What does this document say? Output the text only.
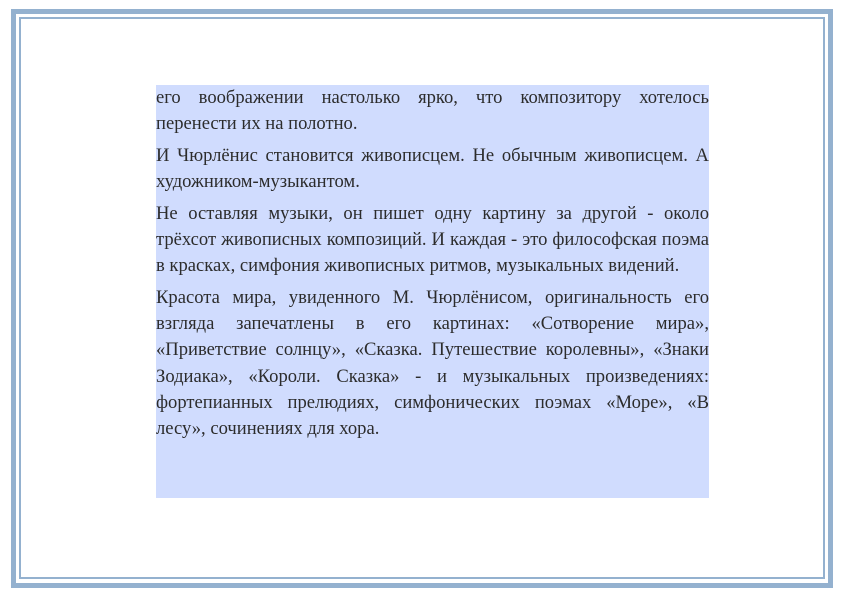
его воображении настолько ярко, что композитору хотелось перенести их на полотно.

И Чюрлёнис становится живописцем. Не обычным живописцем. А художником-музыкантом.

Не оставляя музыки, он пишет одну картину за другой - около трёхсот живописных композиций. И каждая - это философская поэма в красках, симфония живописных ритмов, музыкальных видений.

Красота мира, увиденного М. Чюрлёнисом, оригинальность его взгляда запечатлены в его картинах: «Сотворение мира», «Приветствие солнцу», «Сказка. Путешествие королевны», «Знаки Зодиака», «Короли. Сказка» - и музыкальных произведениях: фортепианных прелюдиях, симфонических поэмах «Море», «В лесу», сочинениях для хора.
